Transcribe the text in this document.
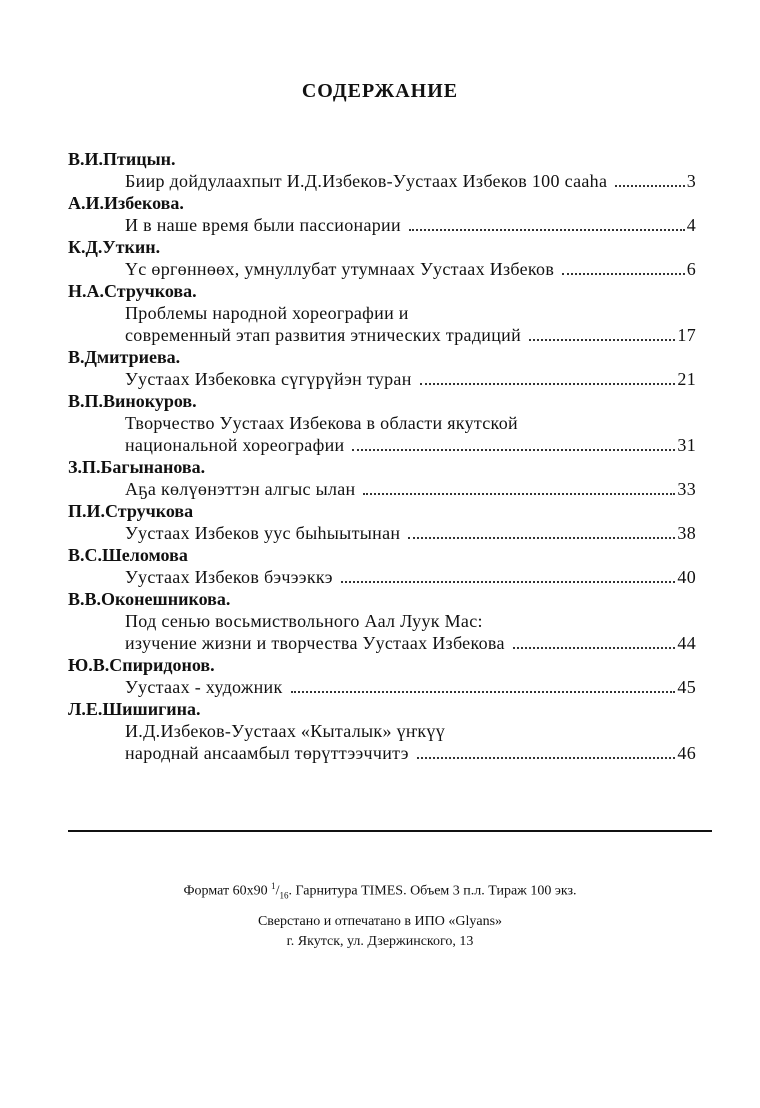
СОДЕРЖАНИЕ
В.И.Птицын.
Биир дойдулаахпыт И.Д.Избеков-Уустаах Избеков 100 сааһа	3
А.И.Избекова.
И в наше время были пассионарии	4
К.Д.Уткин.
Үс өргөннөөх, умнуллубат утумнаах Уустаах Избеков	6
Н.А.Стручкова.
Проблемы народной хореографии и
современный этап развития этнических традиций	17
В.Дмитриева.
Уустаах Избековка сүгүрүйэн туран	21
В.П.Винокуров.
Творчество Уустаах Избекова в области якутской
национальной хореографии	31
З.П.Багынанова.
Аҕа көлүөнэттэн алгыс ылан	33
П.И.Стручкова
Уустаах Избеков уус быһыытынан	38
В.С.Шеломова
Уустаах Избеков бэчээккэ	40
В.В.Оконешникова.
Под сенью восьмиствольного Аал Луук Мас:
изучение жизни и творчества Уустаах Избекова	44
Ю.В.Спиридонов.
Уустаах - художник	45
Л.Е.Шишигина.
И.Д.Избеков-Уустаах «Кыталык» үҥкүү
народнай ансаамбыл төрүттээччитэ	46
Формат 60x90 $^1/_{16}$. Гарнитура TIMES. Объем 3 п.л. Тираж 100 экз.
Сверстано и отпечатано в ИПО «Glyans»
г. Якутск, ул. Дзержинского, 13
